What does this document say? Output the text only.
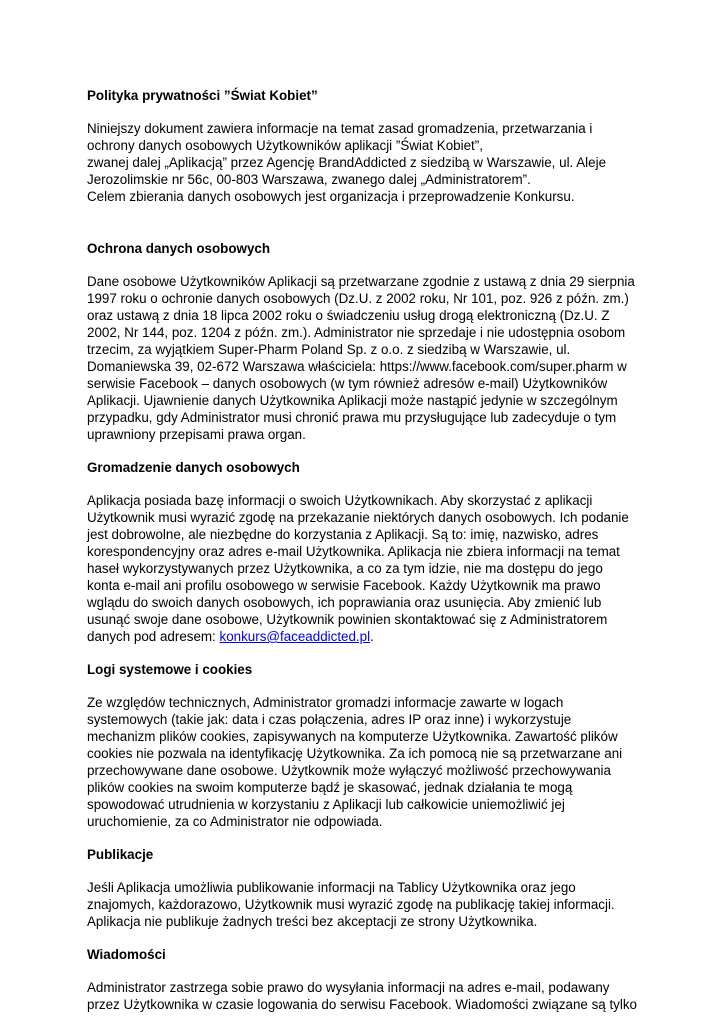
Polityka prywatności ”Świat Kobiet”
Niniejszy dokument zawiera informacje na temat zasad gromadzenia, przetwarzania i
ochrony danych osobowych Użytkowników aplikacji ”Świat Kobiet”,
zwanej dalej „Aplikacją” przez Agencję BrandAddicted z siedzibą w Warszawie, ul. Aleje
Jerozolimskie nr 56c, 00-803 Warszawa, zwanego dalej „Administratorem”.
Celem zbierania danych osobowych jest organizacja i przeprowadzenie Konkursu.
Ochrona danych osobowych
Dane osobowe Użytkowników Aplikacji są przetwarzane zgodnie z ustawą z dnia 29 sierpnia
1997 roku o ochronie danych osobowych (Dz.U. z 2002 roku, Nr 101, poz. 926 z późn. zm.)
oraz ustawą z dnia 18 lipca 2002 roku o świadczeniu usług drogą elektroniczną (Dz.U. Z
2002, Nr 144, poz. 1204 z późn. zm.). Administrator nie sprzedaje i nie udostępnia osobom
trzecim, za wyjątkiem Super-Pharm Poland Sp. z o.o. z siedzibą w Warszawie, ul.
Domaniewska 39, 02-672 Warszawa właściciela: https://www.facebook.com/super.pharm w
serwisie Facebook – danych osobowych (w tym również adresów e-mail) Użytkowników
Aplikacji. Ujawnienie danych Użytkownika Aplikacji może nastąpić jedynie w szczególnym
przypadku, gdy Administrator musi chronić prawa mu przysługujące lub zadecyduje o tym
uprawniony przepisami prawa organ.
Gromadzenie danych osobowych
Aplikacja posiada bazę informacji o swoich Użytkownikach. Aby skorzystać z aplikacji
Użytkownik musi wyrazić zgodę na przekazanie niektórych danych osobowych. Ich podanie
jest dobrowolne, ale niezbędne do korzystania z Aplikacji. Są to: imię, nazwisko, adres
korespondencyjny oraz adres e-mail Użytkownika. Aplikacja nie zbiera informacji na temat
haseł wykorzystywanych przez Użytkownika, a co za tym idzie, nie ma dostępu do jego
konta e-mail ani profilu osobowego w serwisie Facebook. Każdy Użytkownik ma prawo
wglądu do swoich danych osobowych, ich poprawiania oraz usunięcia. Aby zmienić lub
usunąć swoje dane osobowe, Użytkownik powinien skontaktować się z Administratorem
danych pod adresem: konkurs@faceaddicted.pl.
Logi systemowe i cookies
Ze względów technicznych, Administrator gromadzi informacje zawarte w logach
systemowych (takie jak: data i czas połączenia, adres IP oraz inne) i wykorzystuje
mechanizm plików cookies, zapisywanych na komputerze Użytkownika. Zawartość plików
cookies nie pozwala na identyfikację Użytkownika. Za ich pomocą nie są przetwarzane ani
przechowywane dane osobowe. Użytkownik może wyłączyć możliwość przechowywania
plików cookies na swoim komputerze bądź je skasować, jednak działania te mogą
spowodować utrudnienia w korzystaniu z Aplikacji lub całkowicie uniemożliwić jej
uruchomienie, za co Administrator nie odpowiada.
Publikacje
Jeśli Aplikacja umożliwia publikowanie informacji na Tablicy Użytkownika oraz jego
znajomych, każdorazowo, Użytkownik musi wyrazić zgodę na publikację takiej informacji.
Aplikacja nie publikuje żadnych treści bez akceptacji ze strony Użytkownika.
Wiadomości
Administrator zastrzega sobie prawo do wysyłania informacji na adres e-mail, podawany
przez Użytkownika w czasie logowania do serwisu Facebook. Wiadomości związane są tylko
